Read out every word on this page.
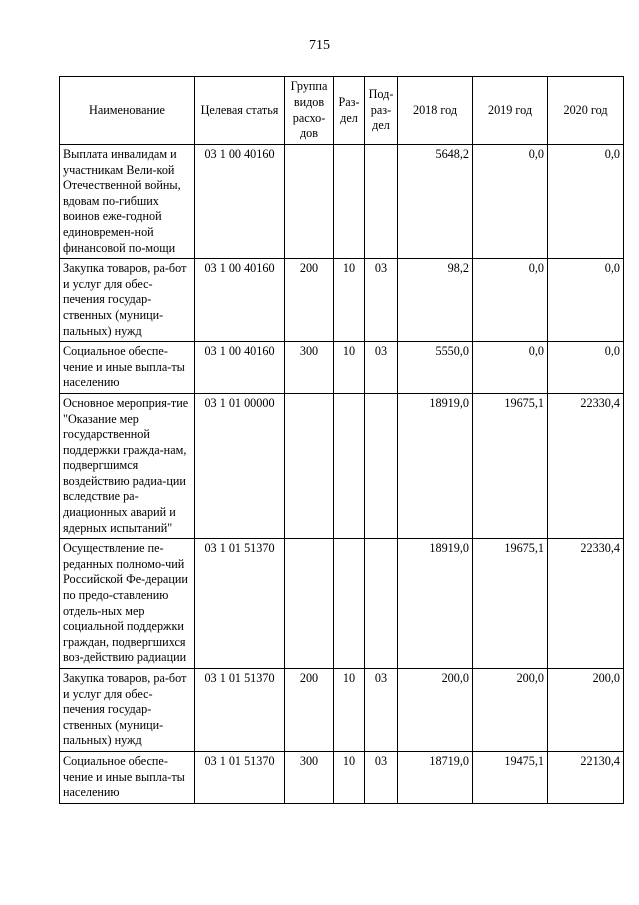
715
Наименование	Целевая статья	Группа видов расхо-дов	Раз-дел	Под-раз-дел	2018 год	2019 год	2020 год
Выплата инвалидам и участникам Вели-кой Отечественной войны, вдовам по-гибших воинов еже-годной единовремен-ной финансовой по-мощи	03 1 00 40160				5648,2	0,0	0,0
Закупка товаров, ра-бот и услуг для обес-печения государ-ственных (муници-пальных) нужд	03 1 00 40160	200	10	03	98,2	0,0	0,0
Социальное обеспе-чение и иные выпла-ты населению	03 1 00 40160	300	10	03	5550,0	0,0	0,0
Основное мероприя-тие "Оказание мер государственной поддержки гражда-нам, подвергшимся воздействию радиа-ции вследствие ра-диационных аварий и ядерных испытаний"	03 1 01 00000				18919,0	19675,1	22330,4
Осуществление пе-реданных полномо-чий Российской Фе-дерации по предо-ставлению отдель-ных мер социальной поддержки граждан, подвергшихся воз-действию радиации	03 1 01 51370				18919,0	19675,1	22330,4
Закупка товаров, ра-бот и услуг для обес-печения государ-ственных (муници-пальных) нужд	03 1 01 51370	200	10	03	200,0	200,0	200,0
Социальное обеспе-чение и иные выпла-ты населению	03 1 01 51370	300	10	03	18719,0	19475,1	22130,4
